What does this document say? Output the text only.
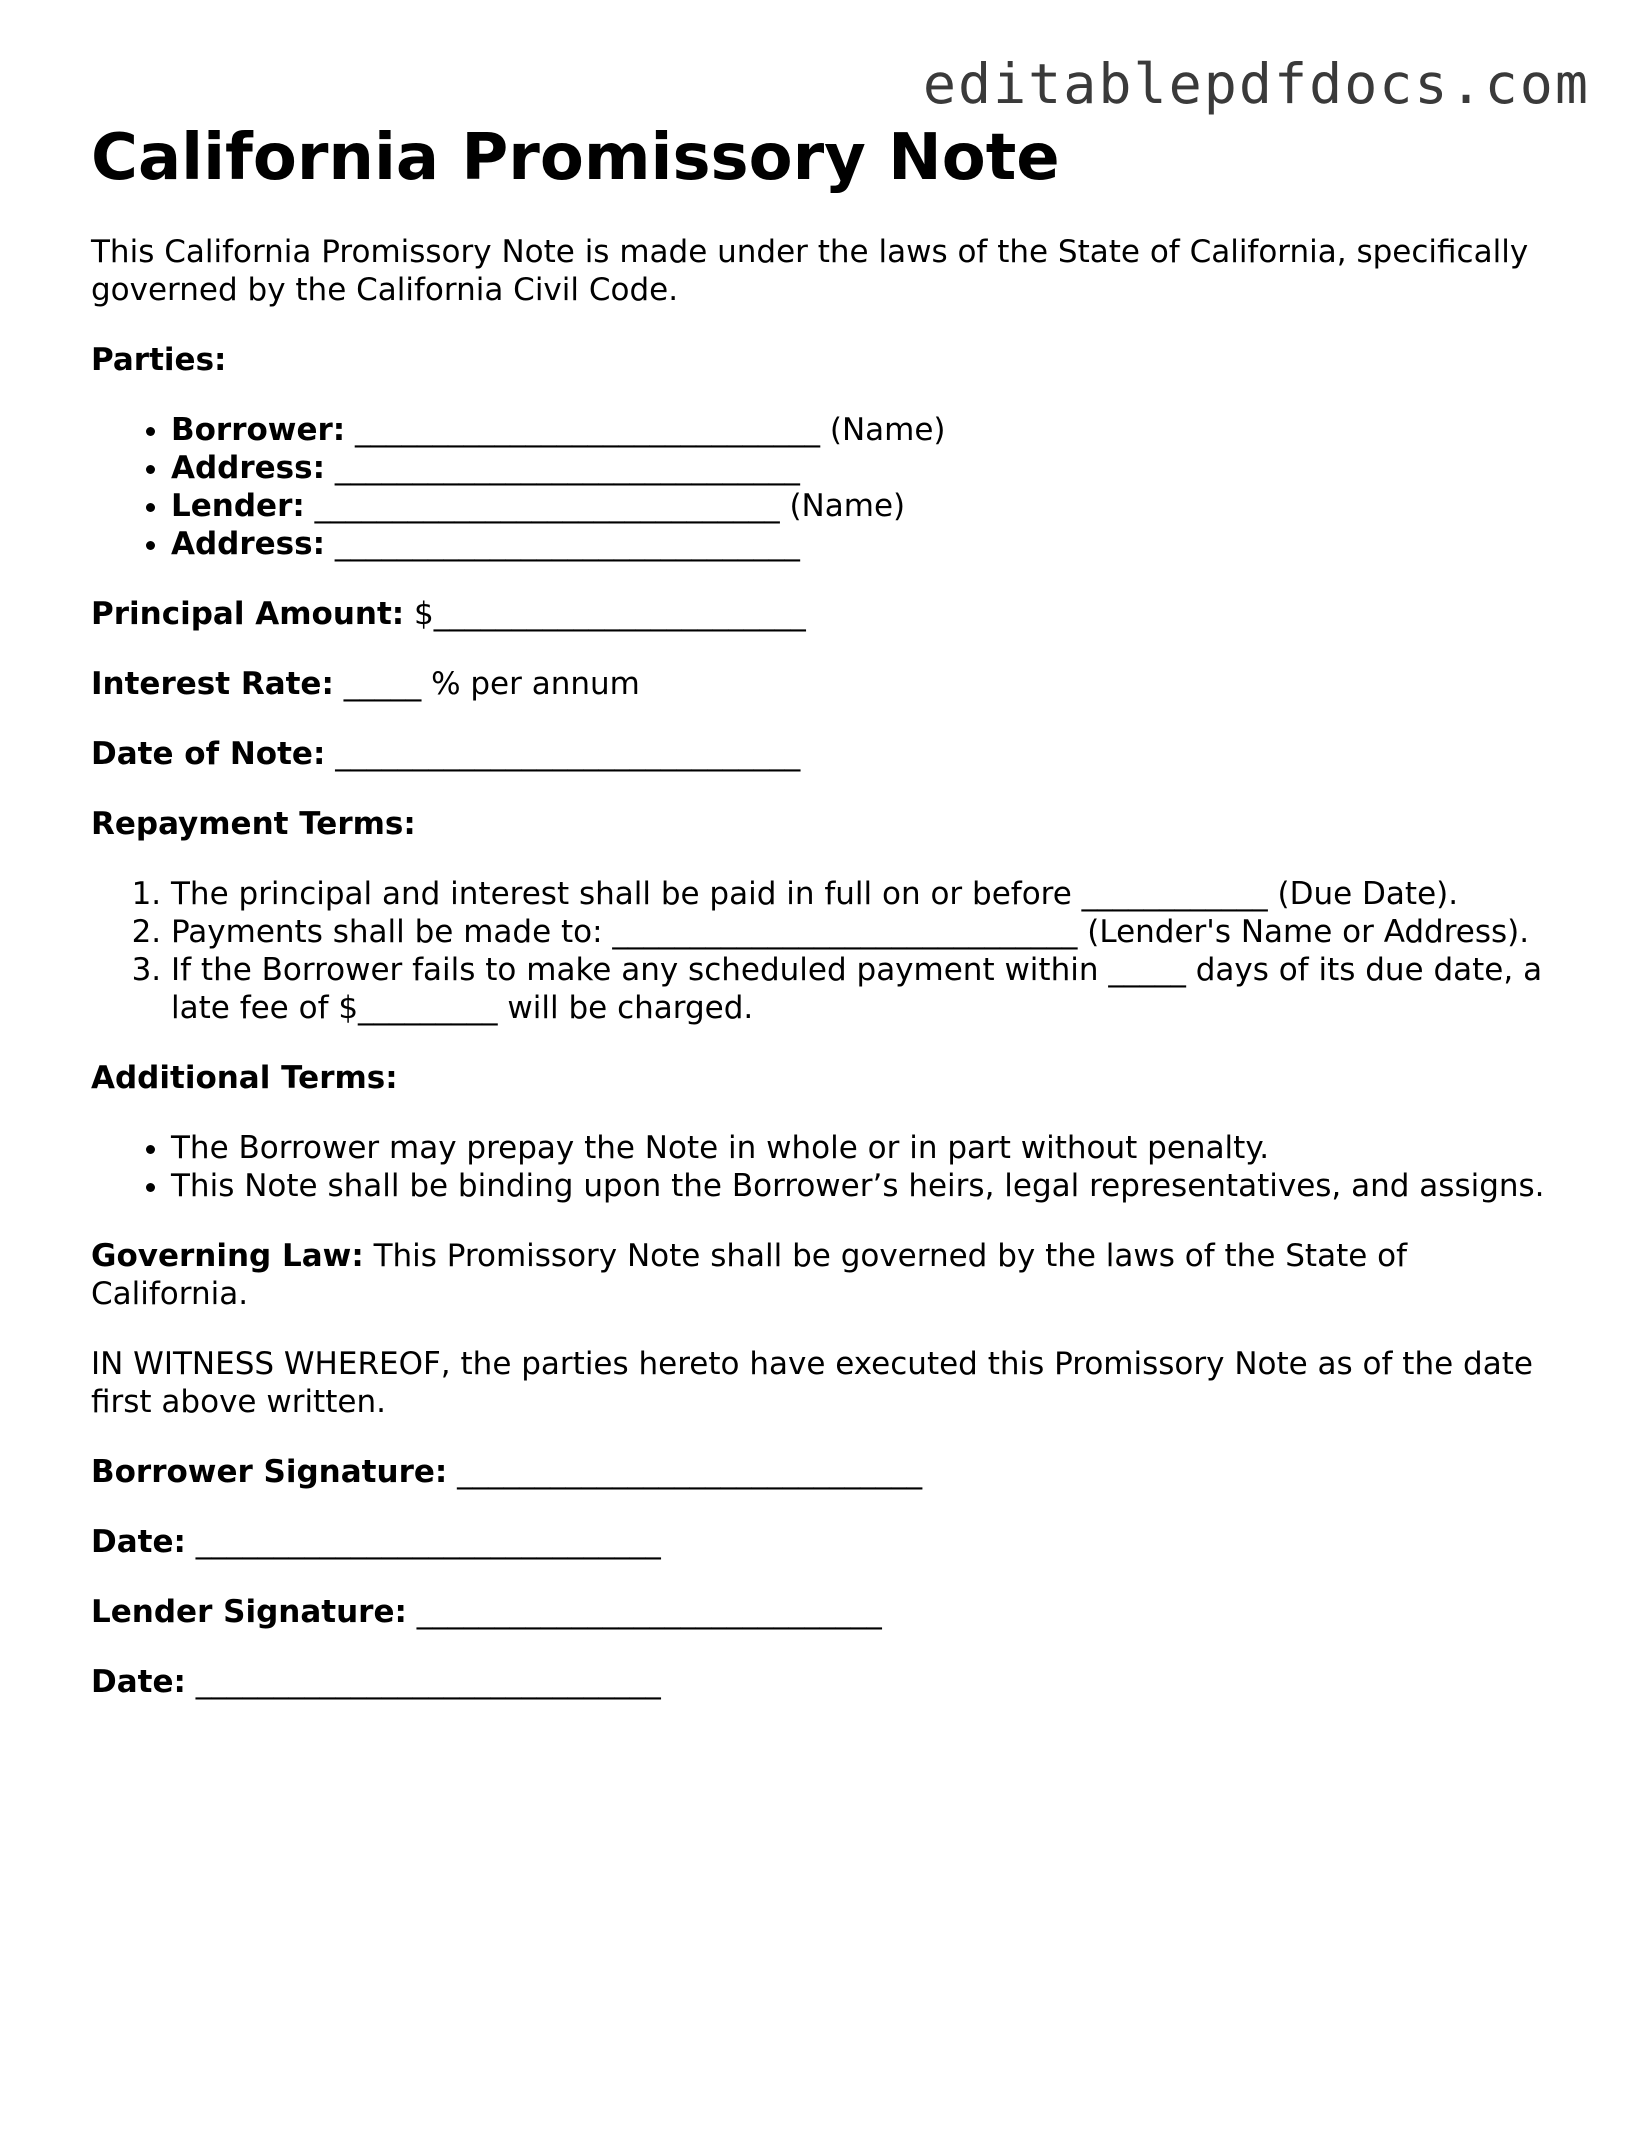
editablepdfdocs.com
California Promissory Note

This California Promissory Note is made under the laws of the State of California, specifically governed by the California Civil Code.

Parties:

• Borrower: ______________________________ (Name)
• Address: ______________________________
• Lender: ______________________________ (Name)
• Address: ______________________________

Principal Amount: $________________________

Interest Rate: _____ % per annum

Date of Note: ______________________________

Repayment Terms:

1. The principal and interest shall be paid in full on or before ____________ (Due Date).
2. Payments shall be made to: ______________________________ (Lender's Name or Address).
3. If the Borrower fails to make any scheduled payment within _____ days of its due date, a late fee of $_________ will be charged.

Additional Terms:

• The Borrower may prepay the Note in whole or in part without penalty.
• This Note shall be binding upon the Borrower’s heirs, legal representatives, and assigns.

Governing Law: This Promissory Note shall be governed by the laws of the State of California.

IN WITNESS WHEREOF, the parties hereto have executed this Promissory Note as of the date first above written.

Borrower Signature: ______________________________

Date: ______________________________

Lender Signature: ______________________________

Date: ______________________________
